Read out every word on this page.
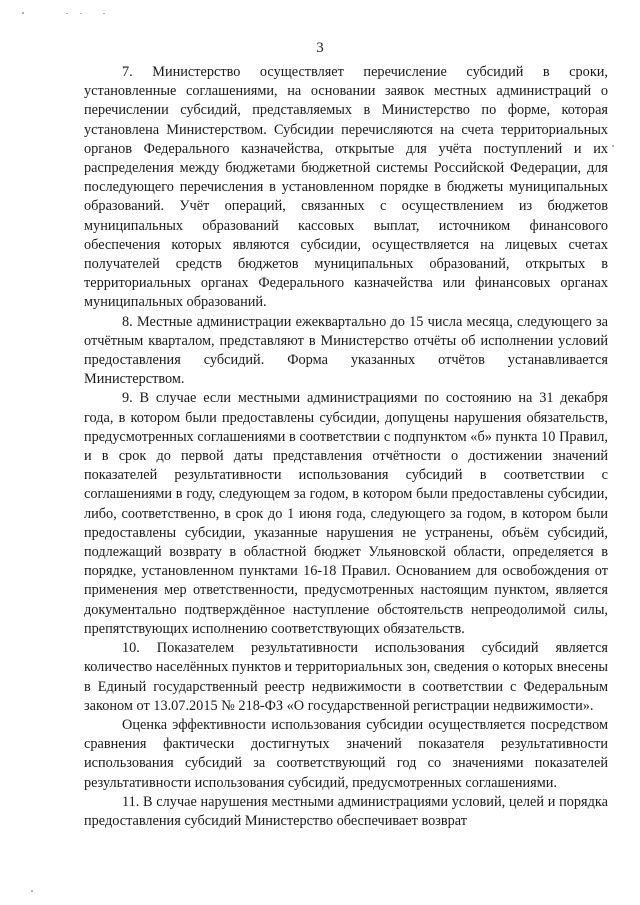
3

7. Министерство осуществляет перечисление субсидий в сроки, установленные соглашениями, на основании заявок местных администраций о перечислении субсидий, представляемых в Министерство по форме, которая установлена Министерством. Субсидии перечисляются на счета территориальных органов Федерального казначейства, открытые для учёта поступлений и их распределения между бюджетами бюджетной системы Российской Федерации, для последующего перечисления в установленном порядке в бюджеты муниципальных образований. Учёт операций, связанных с осуществлением из бюджетов муниципальных образований кассовых выплат, источником финансового обеспечения которых являются субсидии, осуществляется на лицевых счетах получателей средств бюджетов муниципальных образований, открытых в территориальных органах Федерального казначейства или финансовых органах муниципальных образований.

8. Местные администрации ежеквартально до 15 числа месяца, следующего за отчётным кварталом, представляют в Министерство отчёты об исполнении условий предоставления субсидий. Форма указанных отчётов устанавливается Министерством.

9. В случае если местными администрациями по состоянию на 31 декабря года, в котором были предоставлены субсидии, допущены нарушения обязательств, предусмотренных соглашениями в соответствии с подпунктом «б» пункта 10 Правил, и в срок до первой даты представления отчётности о достижении значений показателей результативности использования субсидий в соответствии с соглашениями в году, следующем за годом, в котором были предоставлены субсидии, либо, соответственно, в срок до 1 июня года, следующего за годом, в котором были предоставлены субсидии, указанные нарушения не устранены, объём субсидий, подлежащий возврату в областной бюджет Ульяновской области, определяется в порядке, установленном пунктами 16-18 Правил. Основанием для освобождения от применения мер ответственности, предусмотренных настоящим пунктом, является документально подтверждённое наступление обстоятельств непреодолимой силы, препятствующих исполнению соответствующих обязательств.

10. Показателем результативности использования субсидий является количество населённых пунктов и территориальных зон, сведения о которых внесены в Единый государственный реестр недвижимости в соответствии с Федеральным законом от 13.07.2015 № 218-ФЗ «О государственной регистрации недвижимости».

Оценка эффективности использования субсидии осуществляется посредством сравнения фактически достигнутых значений показателя результативности использования субсидий за соответствующий год со значениями показателей результативности использования субсидий, предусмотренных соглашениями.

11. В случае нарушения местными администрациями условий, целей и порядка предоставления субсидий Министерство обеспечивает возврат
